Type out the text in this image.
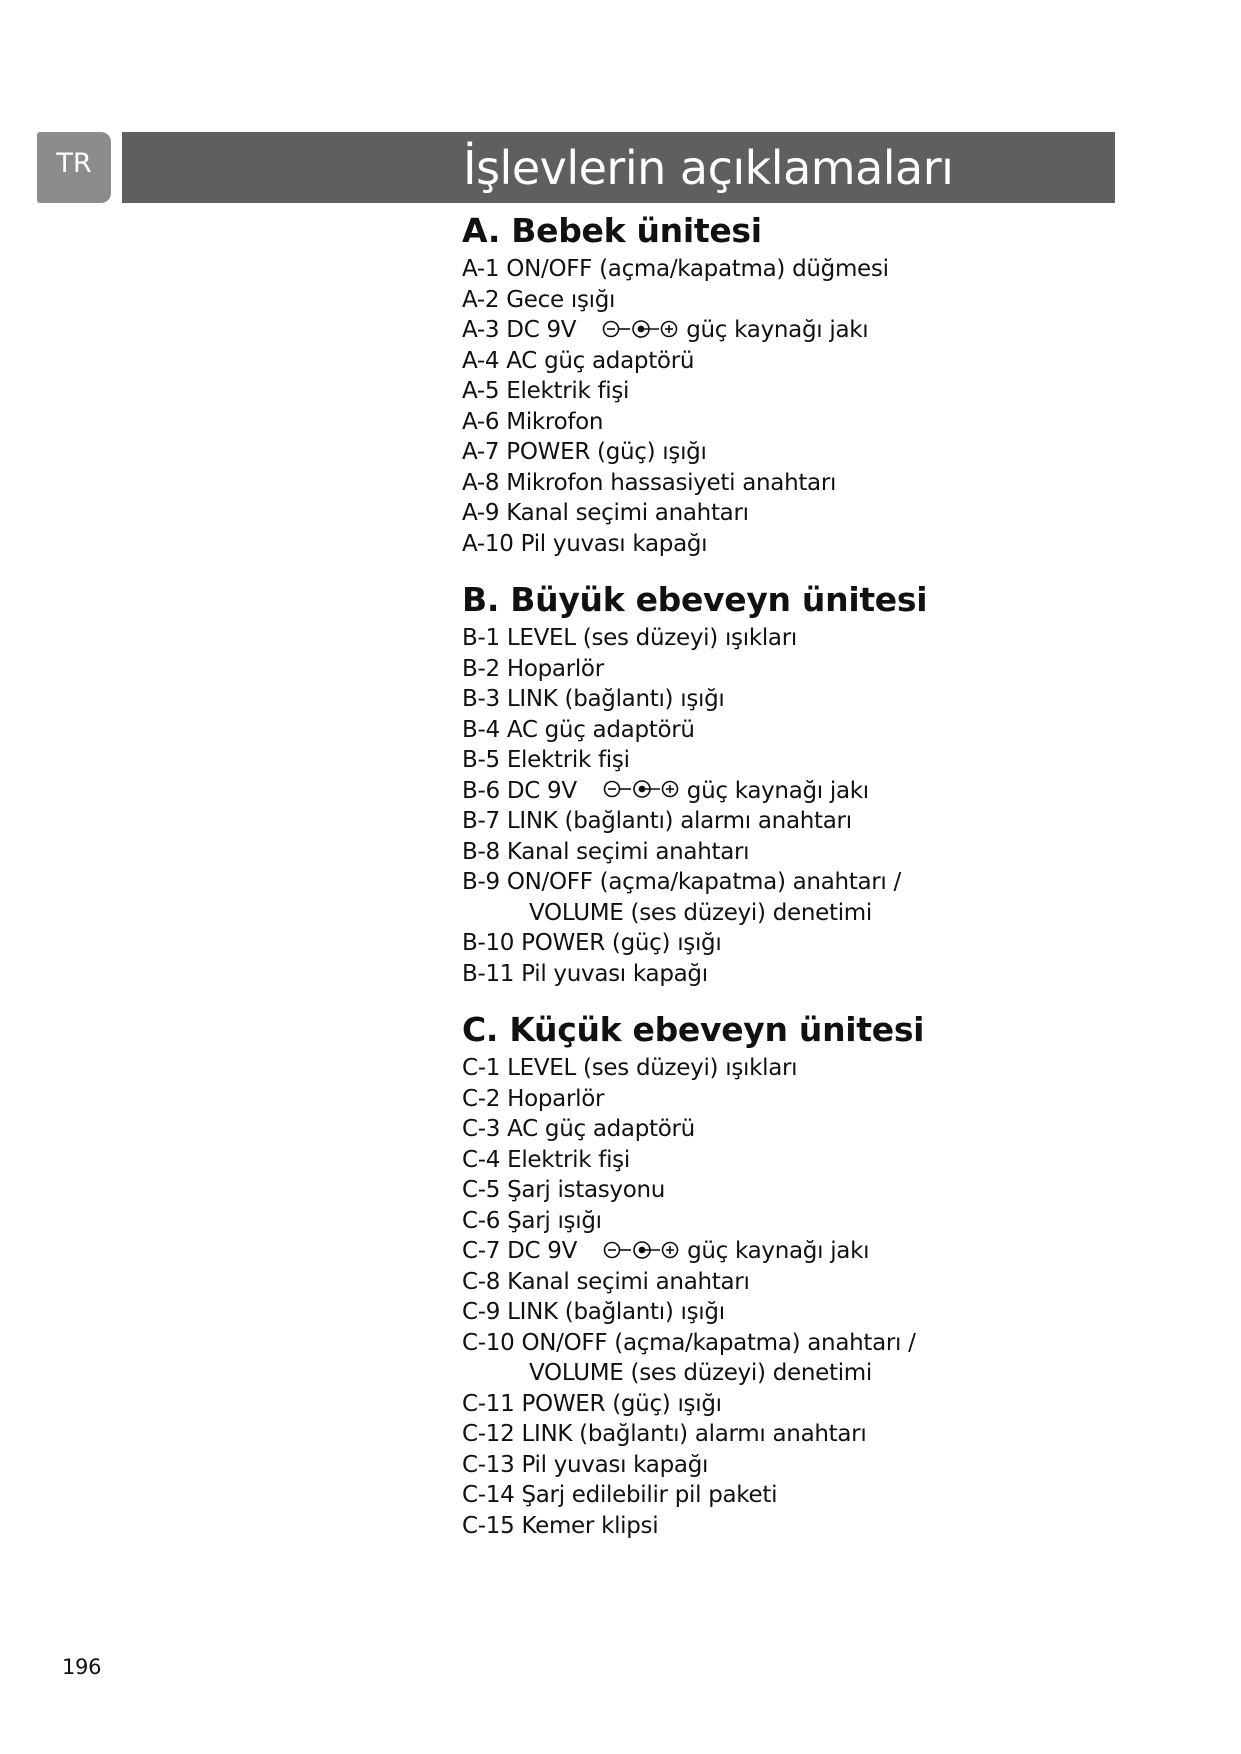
TR	İşlevlerin açıklamaları
A. Bebek ünitesi
A-1 ON/OFF (açma/kapatma) düğmesi
A-2 Gece ışığı
A-3 DC 9V	güç kaynağı jakı
A-4 AC güç adaptörü
A-5 Elektrik fişi
A-6 Mikrofon
A-7 POWER (güç) ışığı
A-8 Mikrofon hassasiyeti anahtarı
A-9 Kanal seçimi anahtarı
A-10 Pil yuvası kapağı
B. Büyük ebeveyn ünitesi
B-1 LEVEL (ses düzeyi) ışıkları
B-2 Hoparlör
B-3 LINK (bağlantı) ışığı
B-4 AC güç adaptörü
B-5 Elektrik fişi
B-6 DC 9V	güç kaynağı jakı
B-7 LINK (bağlantı) alarmı anahtarı
B-8 Kanal seçimi anahtarı
B-9 ON/OFF (açma/kapatma) anahtarı /
VOLUME (ses düzeyi) denetimi
B-10 POWER (güç) ışığı
B-11 Pil yuvası kapağı
C. Küçük ebeveyn ünitesi
C-1 LEVEL (ses düzeyi) ışıkları
C-2 Hoparlör
C-3 AC güç adaptörü
C-4 Elektrik fişi
C-5 Şarj istasyonu
C-6 Şarj ışığı
C-7 DC 9V	güç kaynağı jakı
C-8 Kanal seçimi anahtarı
C-9 LINK (bağlantı) ışığı
C-10 ON/OFF (açma/kapatma) anahtarı /
VOLUME (ses düzeyi) denetimi
C-11 POWER (güç) ışığı
C-12 LINK (bağlantı) alarmı anahtarı
C-13 Pil yuvası kapağı
C-14 Şarj edilebilir pil paketi
C-15 Kemer klipsi
196
